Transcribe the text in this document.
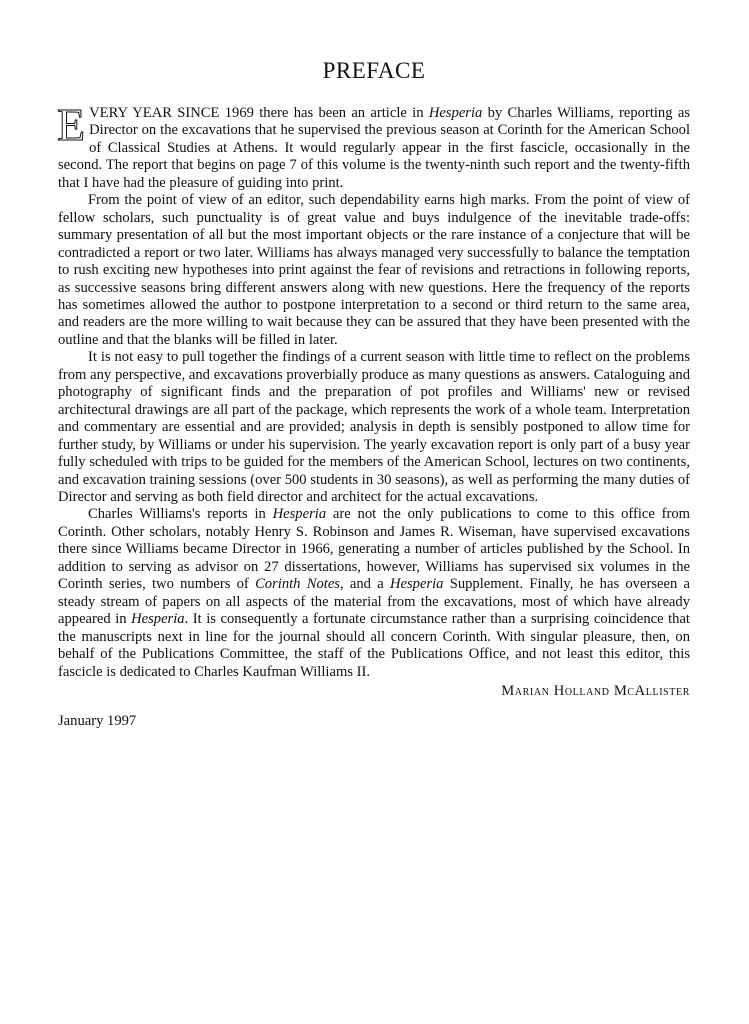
PREFACE

EVERY YEAR SINCE 1969 there has been an article in Hesperia by Charles Williams, reporting as Director on the excavations that he supervised the previous season at Corinth for the American School of Classical Studies at Athens. It would regularly appear in the first fascicle, occasionally in the second. The report that begins on page 7 of this volume is the twenty-ninth such report and the twenty-fifth that I have had the pleasure of guiding into print.

From the point of view of an editor, such dependability earns high marks. From the point of view of fellow scholars, such punctuality is of great value and buys indulgence of the inevitable trade-offs: summary presentation of all but the most important objects or the rare instance of a conjecture that will be contradicted a report or two later. Williams has always managed very successfully to balance the temptation to rush exciting new hypotheses into print against the fear of revisions and retractions in following reports, as successive seasons bring different answers along with new questions. Here the frequency of the reports has sometimes allowed the author to postpone interpretation to a second or third return to the same area, and readers are the more willing to wait because they can be assured that they have been presented with the outline and that the blanks will be filled in later.

It is not easy to pull together the findings of a current season with little time to reflect on the problems from any perspective, and excavations proverbially produce as many questions as answers. Cataloguing and photography of significant finds and the preparation of pot profiles and Williams' new or revised architectural drawings are all part of the package, which represents the work of a whole team. Interpretation and commentary are essential and are provided; analysis in depth is sensibly postponed to allow time for further study, by Williams or under his supervision. The yearly excavation report is only part of a busy year fully scheduled with trips to be guided for the members of the American School, lectures on two continents, and excavation training sessions (over 500 students in 30 seasons), as well as performing the many duties of Director and serving as both field director and architect for the actual excavations.

Charles Williams's reports in Hesperia are not the only publications to come to this office from Corinth. Other scholars, notably Henry S. Robinson and James R. Wiseman, have supervised excavations there since Williams became Director in 1966, generating a number of articles published by the School. In addition to serving as advisor on 27 dissertations, however, Williams has supervised six volumes in the Corinth series, two numbers of Corinth Notes, and a Hesperia Supplement. Finally, he has overseen a steady stream of papers on all aspects of the material from the excavations, most of which have already appeared in Hesperia. It is consequently a fortunate circumstance rather than a surprising coincidence that the manuscripts next in line for the journal should all concern Corinth. With singular pleasure, then, on behalf of the Publications Committee, the staff of the Publications Office, and not least this editor, this fascicle is dedicated to Charles Kaufman Williams II.

Marian Holland McAllister
January 1997
